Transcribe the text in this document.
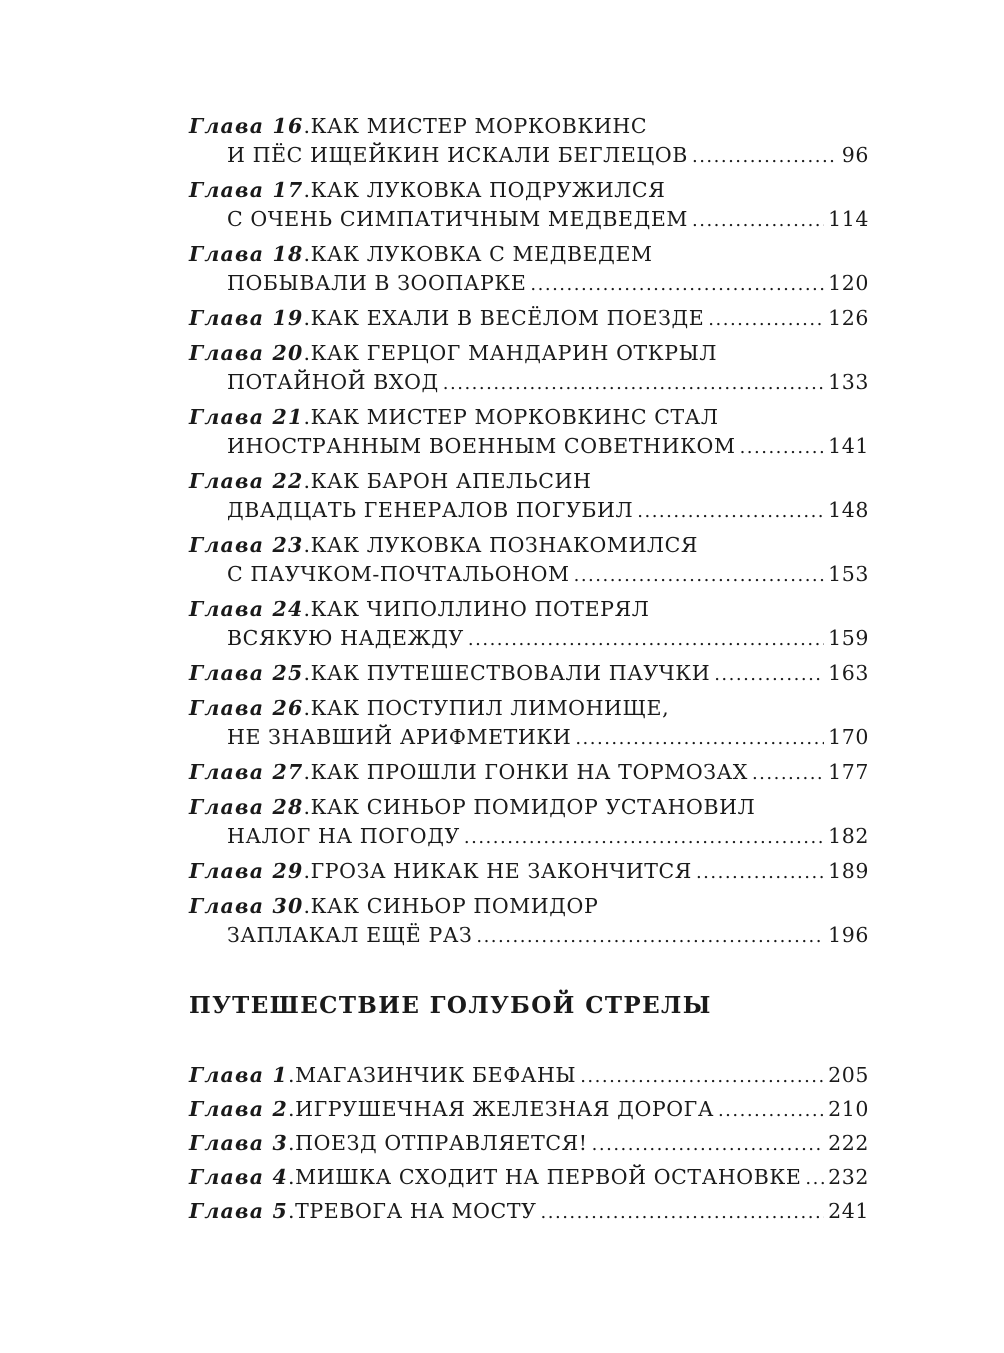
Глава 16 . КАК МИСТЕР МОРКОВКИНС
И ПЁС ИЩЕЙКИН ИСКАЛИ БЕГЛЕЦОВ .....	96
Глава 17 . КАК ЛУКОВКА ПОДРУЖИЛСЯ
С ОЧЕНЬ СИМПАТИЧНЫМ МЕДВЕДЕМ .....	114
Глава 18 . КАК ЛУКОВКА С МЕДВЕДЕМ
ПОБЫВАЛИ В ЗООПАРКЕ .....	120
Глава 19 . КАК ЕХАЛИ В ВЕСЁЛОМ ПОЕЗДЕ .....	126
Глава 20 . КАК ГЕРЦОГ МАНДАРИН ОТКРЫЛ
ПОТАЙНОЙ ВХОД .....	133
Глава 21 . КАК МИСТЕР МОРКОВКИНС СТАЛ
ИНОСТРАННЫМ ВОЕННЫМ СОВЕТНИКОМ .....	141
Глава 22 . КАК БАРОН АПЕЛЬСИН
ДВАДЦАТЬ ГЕНЕРАЛОВ ПОГУБИЛ .....	148
Глава 23 . КАК ЛУКОВКА ПОЗНАКОМИЛСЯ
С ПАУЧКОМ-ПОЧТАЛЬОНОМ .....	153
Глава 24 . КАК ЧИПОЛЛИНО ПОТЕРЯЛ
ВСЯКУЮ НАДЕЖДУ .....	159
Глава 25 . КАК ПУТЕШЕСТВОВАЛИ ПАУЧКИ .....	163
Глава 26 . КАК ПОСТУПИЛ ЛИМОНИЩЕ,
НЕ ЗНАВШИЙ АРИФМЕТИКИ .....	170
Глава 27 . КАК ПРОШЛИ ГОНКИ НА ТОРМОЗАХ .....	177
Глава 28 . КАК СИНЬОР ПОМИДОР УСТАНОВИЛ
НАЛОГ НА ПОГОДУ .....	182
Глава 29 . ГРОЗА НИКАК НЕ ЗАКОНЧИТСЯ .....	189
Глава 30 . КАК СИНЬОР ПОМИДОР
ЗАПЛАКАЛ ЕЩЁ РАЗ .....	196
ПУТЕШЕСТВИЕ ГОЛУБОЙ СТРЕЛЫ
Глава 1 . МАГАЗИНЧИК БЕФАНЫ .....	205
Глава 2 . ИГРУШЕЧНАЯ ЖЕЛЕЗНАЯ ДОРОГА .....	210
Глава 3 . ПОЕЗД ОТПРАВЛЯЕТСЯ! .....	222
Глава 4 . МИШКА СХОДИТ НА ПЕРВОЙ ОСТАНОВКЕ ..... 232
Глава 5 . ТРЕВОГА НА МОСТУ .....	241
